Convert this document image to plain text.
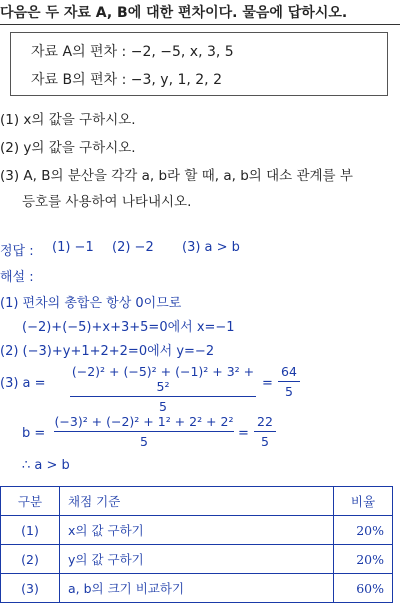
다음은 두 자료 A, B에 대한 편차이다. 물음에 답하시오.
자료 A의 편차 : −2, −5, x, 3, 5
자료 B의 편차 : −3, y, 1, 2, 2
(1) x의 값을 구하시오.
(2) y의 값을 구하시오.
(3) A, B의 분산을 각각 a, b라 할 때, a, b의 대소 관계를 부
등호를 사용하여 나타내시오.
정답 : (1) −1 (2) −2 (3) a > b
해설 :
(1) 편차의 총합은 항상 0이므로
(−2)+(−5)+x+3+5=0에서 x=−1
(2) (−3)+y+1+2+2=0에서 y=−2
(3) a =
(−2)² + (−5)² + (−1)² + 3² + 5²
5
=
64
5
b =
(−3)² + (−2)² + 1² + 2² + 2²
5
=
22
5
∴ a > b
구분	채점 기준	비율
(1)	x의 값 구하기	20%
(2)	y의 값 구하기	20%
(3)	a, b의 크기 비교하기	60%
